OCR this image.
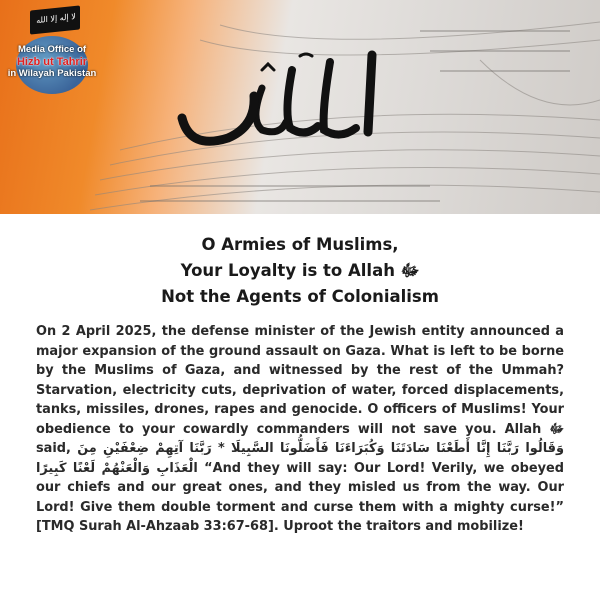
لا إله إلا الله
Media Office of
Hizb ut Tahrir
in Wilayah Pakistan
O Armies of Muslims,
Your Loyalty is to Allah ﷻ
Not the Agents of Colonialism
On 2 April 2025, the defense minister of the Jewish entity announced a major expansion of the ground assault on Gaza. What is left to be borne by the Muslims of Gaza, and witnessed by the rest of the Ummah? Starvation, electricity cuts, deprivation of water, forced displacements, tanks, missiles, drones, rapes and genocide. O officers of Muslims! Your obedience to your cowardly commanders will not save you. Allah ﷻ said, وَقَالُوا رَبَّنَا إِنَّا أَطَعْنَا سَادَتَنَا وَكُبَرَاءَنَا فَأَضَلُّونَا السَّبِيلَا * رَبَّنَا آتِهِمْ ضِعْفَيْنِ مِنَ الْعَذَابِ وَالْعَنْهُمْ لَعْنًا كَبِيرًا “And they will say: Our Lord! Verily, we obeyed our chiefs and our great ones, and they misled us from the way. Our Lord! Give them double torment and curse them with a mighty curse!” [TMQ Surah Al-Ahzaab 33:67-68]. Uproot the traitors and mobilize!
